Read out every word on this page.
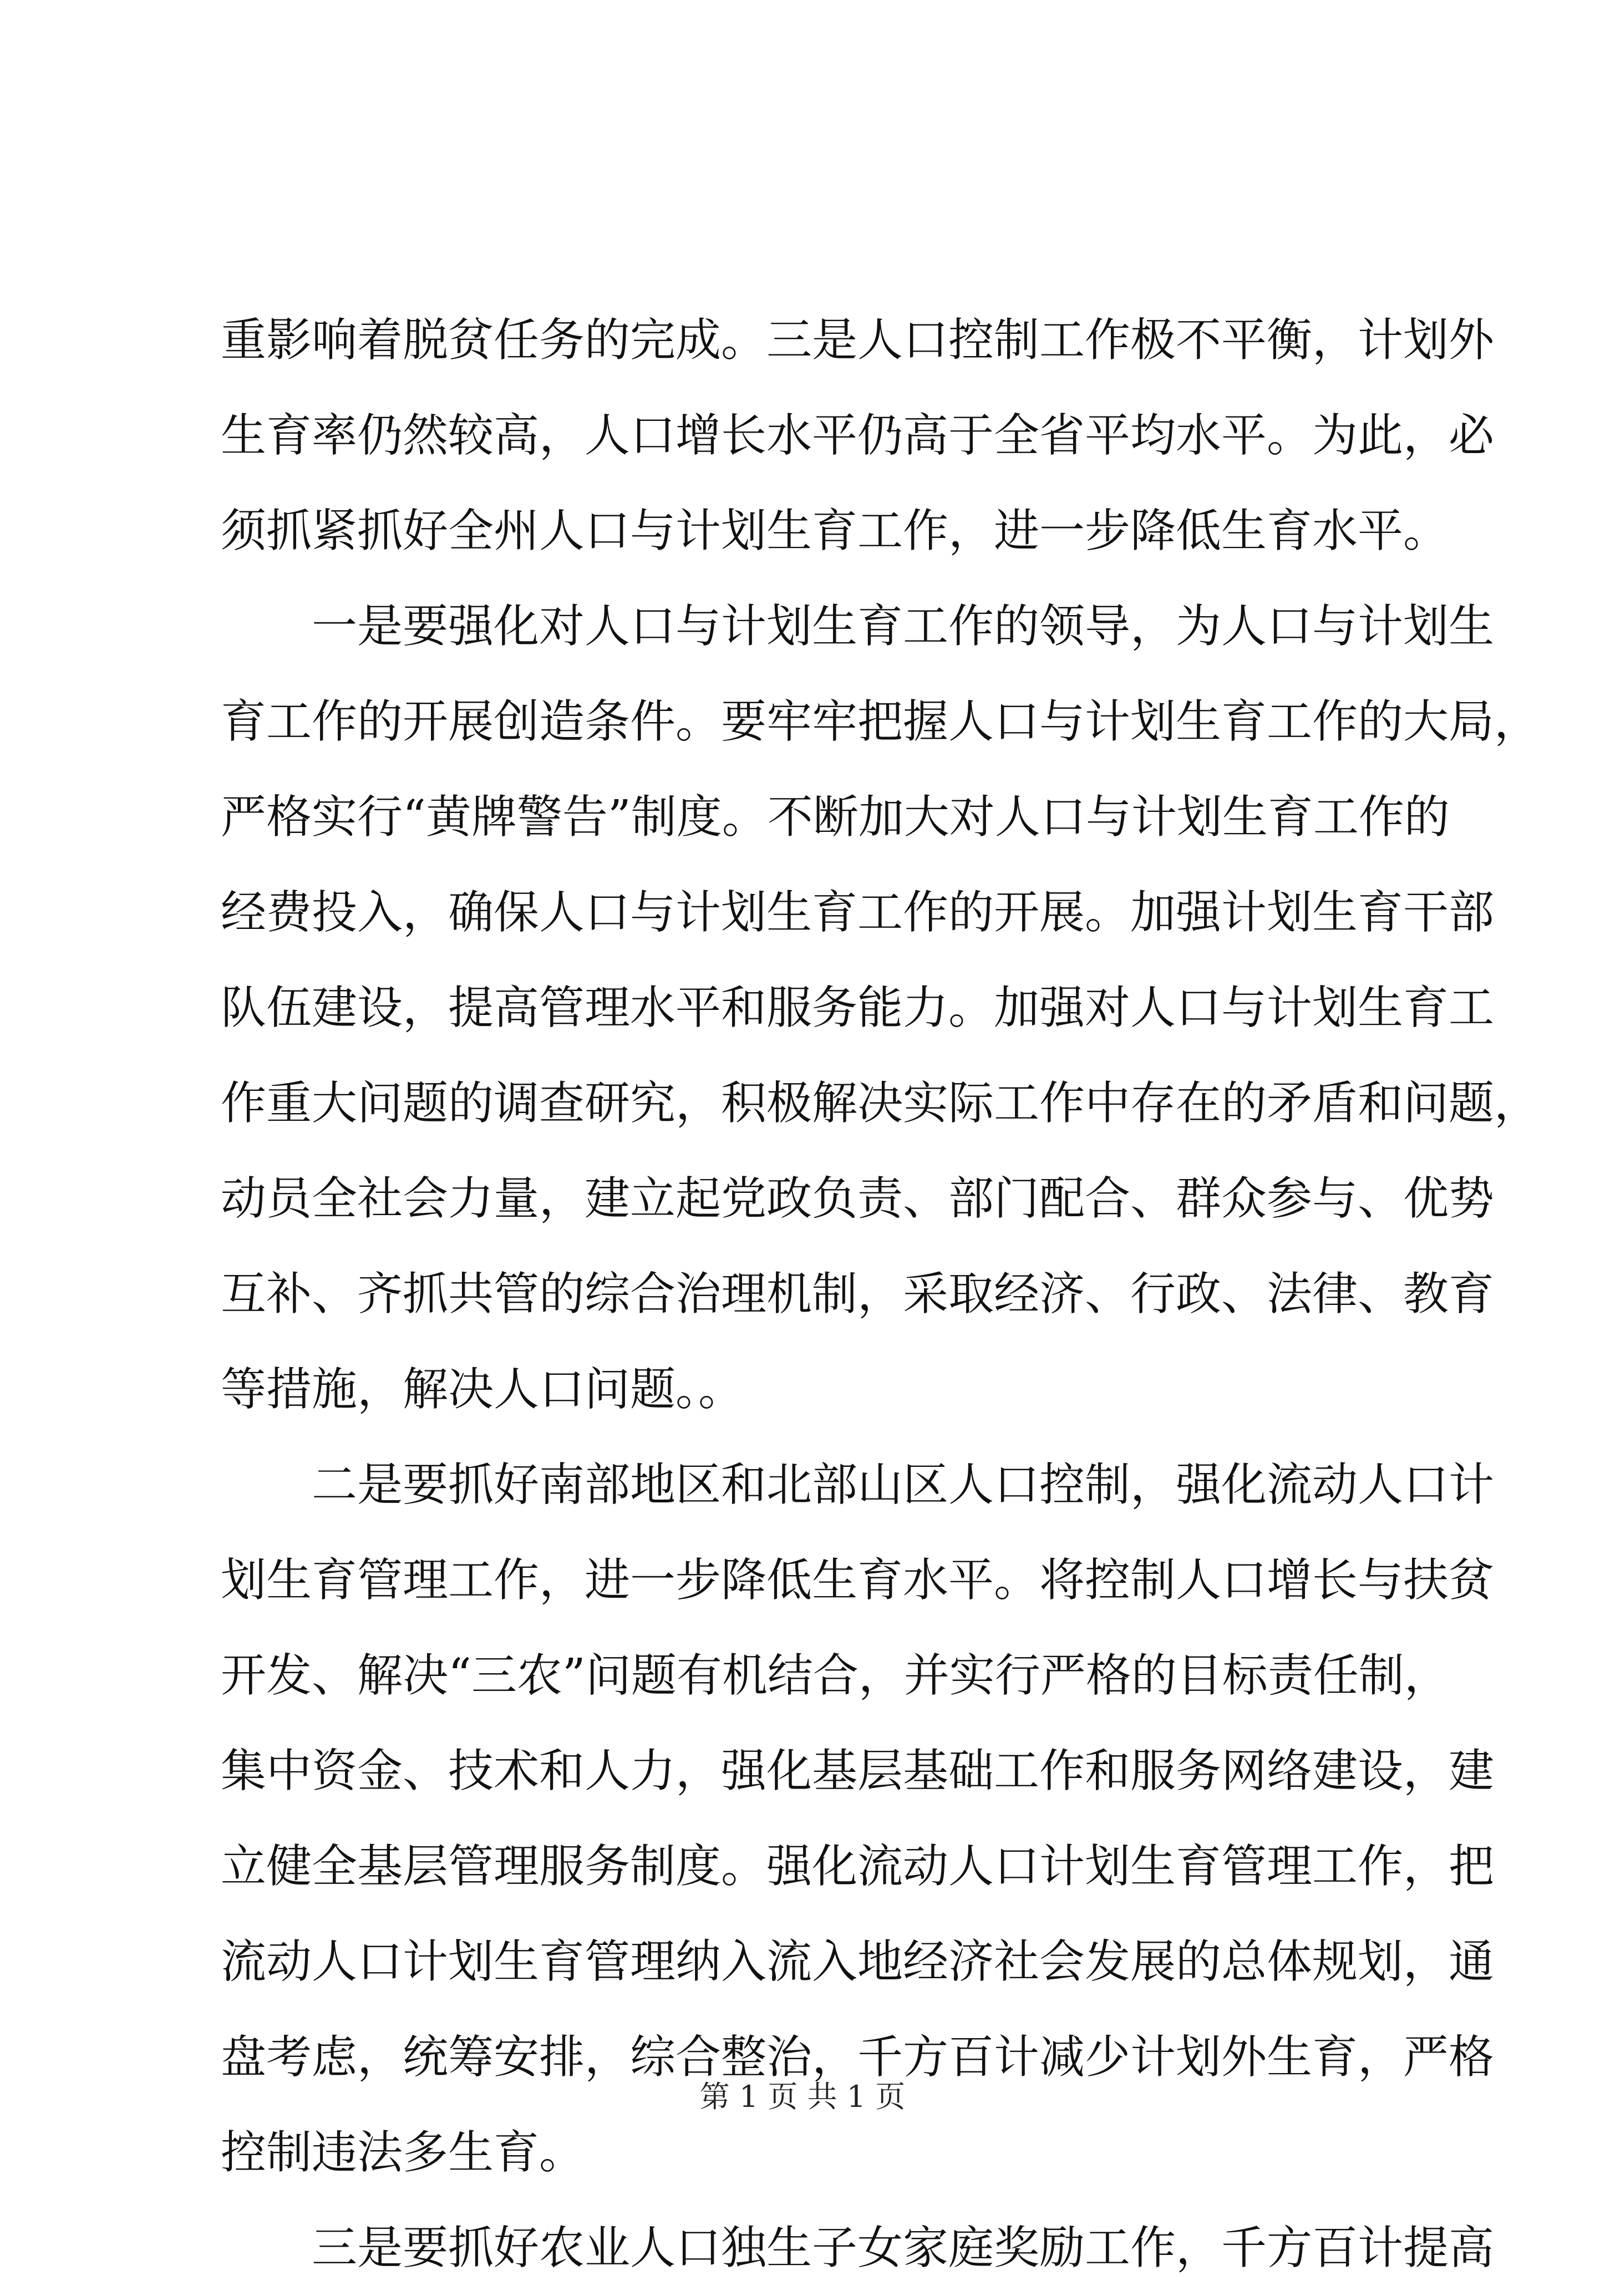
重影响着脱贫任务的完成。三是人口控制工作极不平衡，计划外
生育率仍然较高，人口增长水平仍高于全省平均水平。为此，必
须抓紧抓好全州人口与计划生育工作，进一步降低生育水平。
　　一是要强化对人口与计划生育工作的领导，为人口与计划生
育工作的开展创造条件。要牢牢把握人口与计划生育工作的大局，
严格实行“黄牌警告”制度。不断加大对人口与计划生育工作的
经费投入，确保人口与计划生育工作的开展。加强计划生育干部
队伍建设，提高管理水平和服务能力。加强对人口与计划生育工
作重大问题的调查研究，积极解决实际工作中存在的矛盾和问题，
动员全社会力量，建立起党政负责、部门配合、群众参与、优势
互补、齐抓共管的综合治理机制，采取经济、行政、法律、教育
等措施，解决人口问题。。
　　二是要抓好南部地区和北部山区人口控制，强化流动人口计
划生育管理工作，进一步降低生育水平。将控制人口增长与扶贫
开发、解决“三农”问题有机结合，并实行严格的目标责任制，
集中资金、技术和人力，强化基层基础工作和服务网络建设，建
立健全基层管理服务制度。强化流动人口计划生育管理工作，把
流动人口计划生育管理纳入流入地经济社会发展的总体规划，通
盘考虑，统筹安排，综合整治，千方百计减少计划外生育，严格
控制违法多生育。
　　三是要抓好农业人口独生子女家庭奖励工作，千方百计提高
第 1 页 共 1 页
